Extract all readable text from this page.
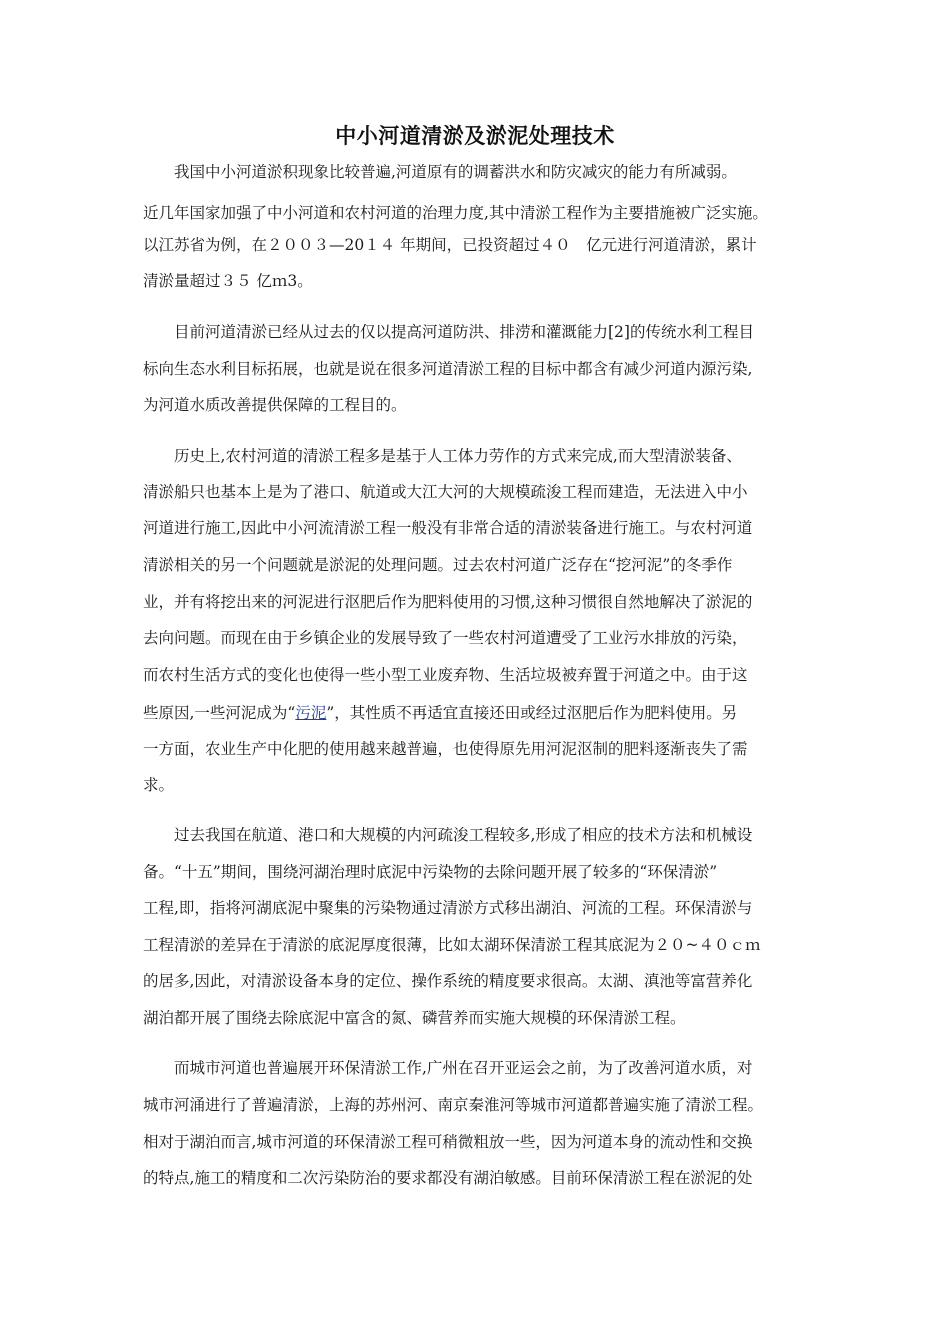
中小河道清淤及淤泥处理技术
　　我国中小河道淤积现象比较普遍,河道原有的调蓄洪水和防灾减灾的能力有所减弱。
近几年国家加强了中小河道和农村河道的治理力度,其中清淤工程作为主要措施被广泛实施。
以江苏省为例，在２００３—20１４ 年期间，已投资超过４０　亿元进行河道清淤，累计
清淤量超过３５ 亿ｍ3。
　　目前河道清淤已经从过去的仅以提高河道防洪、排涝和灌溉能力[2]的传统水利工程目
标向生态水利目标拓展，也就是说在很多河道清淤工程的目标中都含有减少河道内源污染,
为河道水质改善提供保障的工程目的。
　　历史上,农村河道的清淤工程多是基于人工体力劳作的方式来完成,而大型清淤装备、
清淤船只也基本上是为了港口、航道或大江大河的大规模疏浚工程而建造，无法进入中小
河道进行施工,因此中小河流清淤工程一般没有非常合适的清淤装备进行施工。与农村河道
清淤相关的另一个问题就是淤泥的处理问题。过去农村河道广泛存在“挖河泥”的冬季作
业，并有将挖出来的河泥进行沤肥后作为肥料使用的习惯,这种习惯很自然地解决了淤泥的
去向问题。而现在由于乡镇企业的发展导致了一些农村河道遭受了工业污水排放的污染，
而农村生活方式的变化也使得一些小型工业废弃物、生活垃圾被弃置于河道之中。由于这
些原因,一些河泥成为“污泥”，其性质不再适宜直接还田或经过沤肥后作为肥料使用。另
一方面，农业生产中化肥的使用越来越普遍，也使得原先用河泥沤制的肥料逐渐丧失了需
求。
　　过去我国在航道、港口和大规模的内河疏浚工程较多,形成了相应的技术方法和机械设
备。“十五”期间，围绕河湖治理时底泥中污染物的去除问题开展了较多的“环保清淤”
工程,即，指将河湖底泥中聚集的污染物通过清淤方式移出湖泊、河流的工程。环保清淤与
工程清淤的差异在于清淤的底泥厚度很薄，比如太湖环保清淤工程其底泥为２０~４０ｃｍ
的居多,因此，对清淤设备本身的定位、操作系统的精度要求很高。太湖、滇池等富营养化
湖泊都开展了围绕去除底泥中富含的氮、磷营养而实施大规模的环保清淤工程。
　　而城市河道也普遍展开环保清淤工作,广州在召开亚运会之前，为了改善河道水质，对
城市河涌进行了普遍清淤，上海的苏州河、南京秦淮河等城市河道都普遍实施了清淤工程。
相对于湖泊而言,城市河道的环保清淤工程可稍微粗放一些，因为河道本身的流动性和交换
的特点,施工的精度和二次污染防治的要求都没有湖泊敏感。目前环保清淤工程在淤泥的处
